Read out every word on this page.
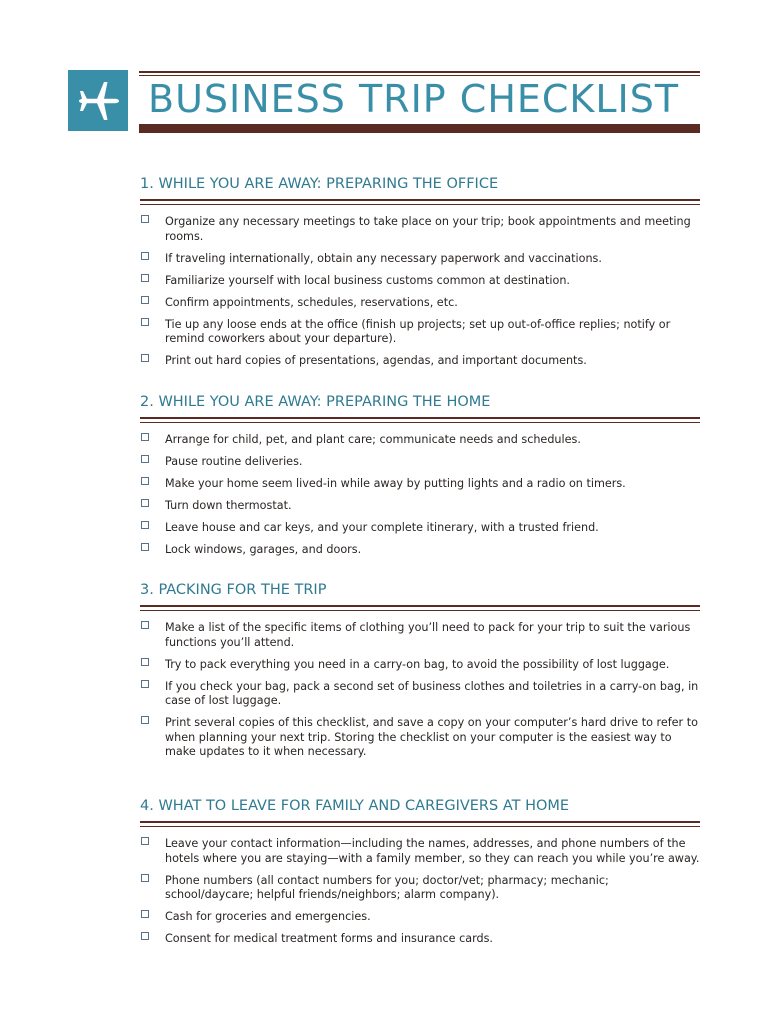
BUSINESS TRIP CHECKLIST
1. WHILE YOU ARE AWAY: PREPARING THE OFFICE
Organize any necessary meetings to take place on your trip; book appointments and meeting rooms.
If traveling internationally, obtain any necessary paperwork and vaccinations.
Familiarize yourself with local business customs common at destination.
Confirm appointments, schedules, reservations, etc.
Tie up any loose ends at the office (finish up projects; set up out-of-office replies; notify or remind coworkers about your departure).
Print out hard copies of presentations, agendas, and important documents.
2. WHILE YOU ARE AWAY: PREPARING THE HOME
Arrange for child, pet, and plant care; communicate needs and schedules.
Pause routine deliveries.
Make your home seem lived-in while away by putting lights and a radio on timers.
Turn down thermostat.
Leave house and car keys, and your complete itinerary, with a trusted friend.
Lock windows, garages, and doors.
3. PACKING FOR THE TRIP
Make a list of the specific items of clothing you’ll need to pack for your trip to suit the various functions you’ll attend.
Try to pack everything you need in a carry-on bag, to avoid the possibility of lost luggage.
If you check your bag, pack a second set of business clothes and toiletries in a carry-on bag, in case of lost luggage.
Print several copies of this checklist, and save a copy on your computer’s hard drive to refer to when planning your next trip. Storing the checklist on your computer is the easiest way to make updates to it when necessary.
4. WHAT TO LEAVE FOR FAMILY AND CAREGIVERS AT HOME
Leave your contact information—including the names, addresses, and phone numbers of the hotels where you are staying—with a family member, so they can reach you while you’re away.
Phone numbers (all contact numbers for you; doctor/vet; pharmacy; mechanic; school/daycare; helpful friends/neighbors; alarm company).
Cash for groceries and emergencies.
Consent for medical treatment forms and insurance cards.
